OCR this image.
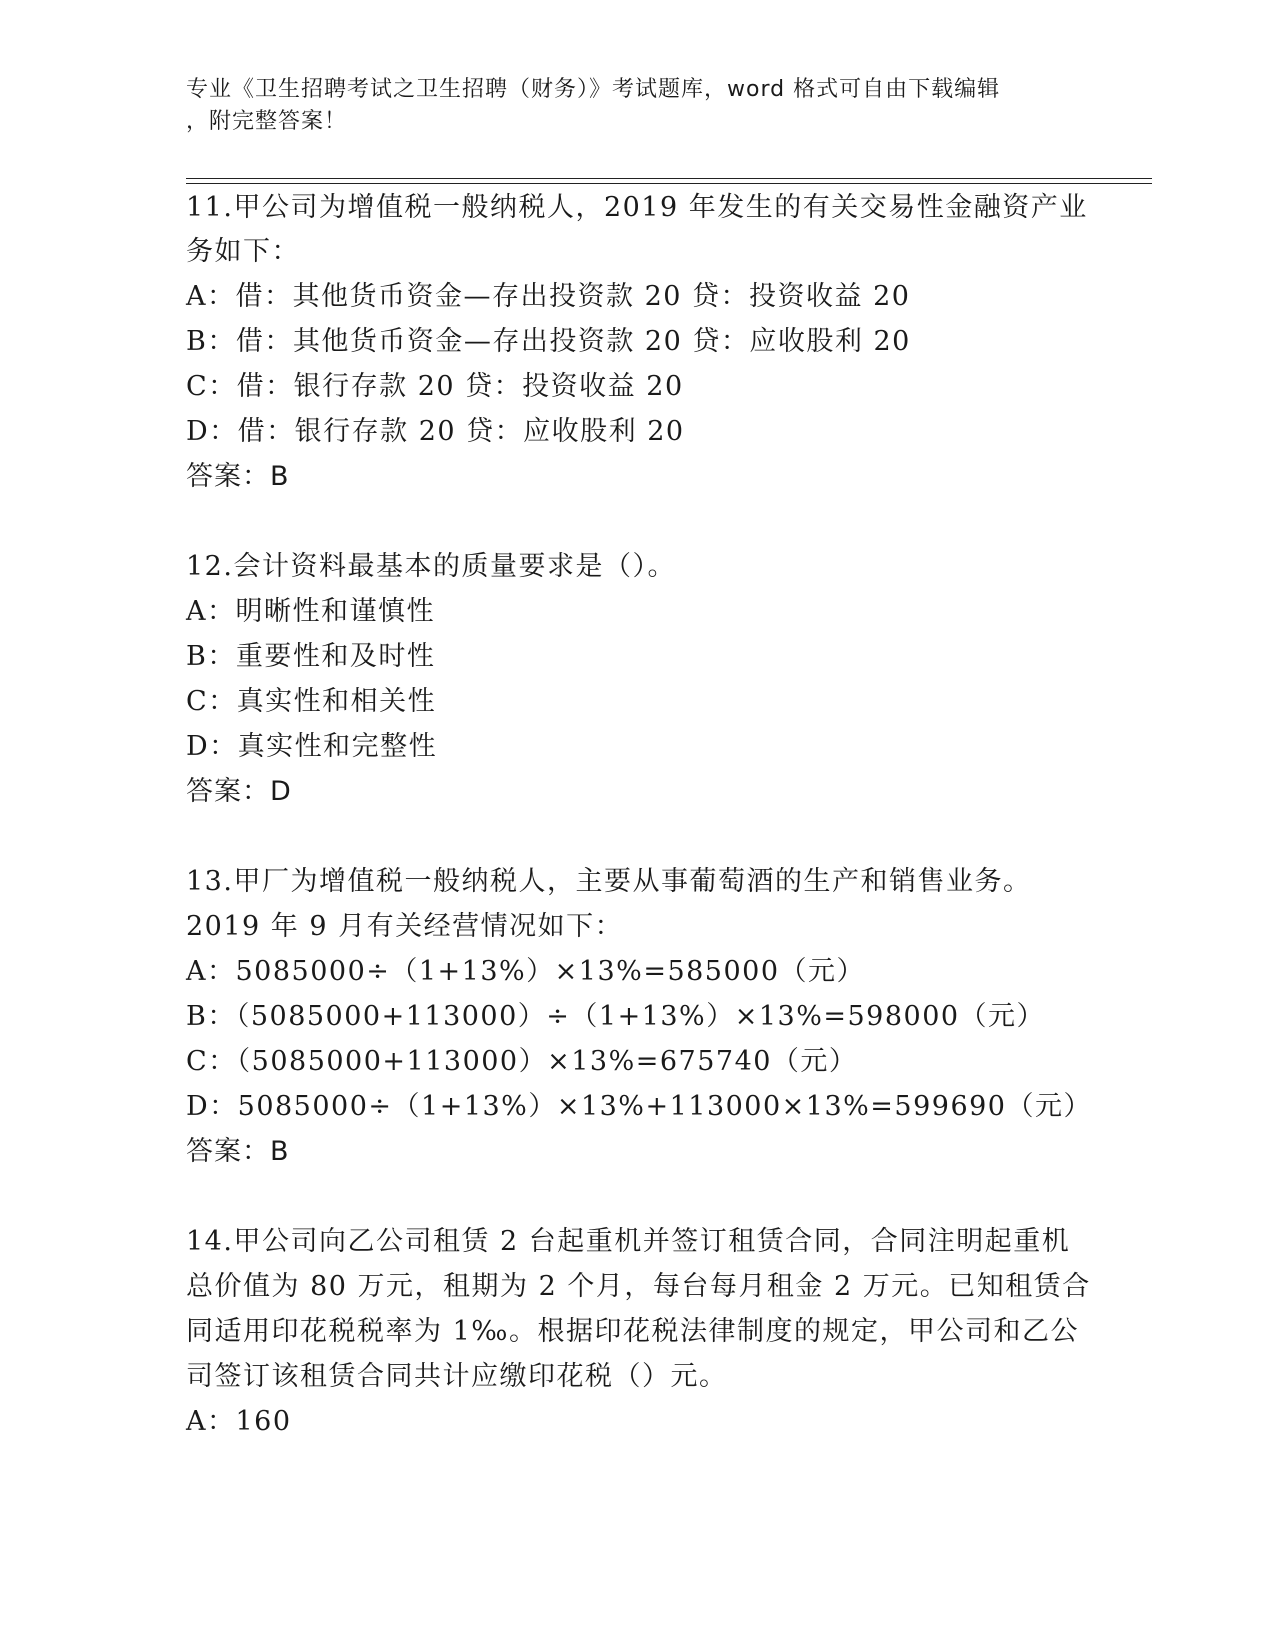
专业《卫生招聘考试之卫生招聘（财务）》考试题库，word 格式可自由下载编辑
，附完整答案！
11.甲公司为增值税一般纳税人，2019 年发生的有关交易性金融资产业
务如下：
A：借：其他货币资金—存出投资款 20 贷：投资收益 20
B：借：其他货币资金—存出投资款 20 贷：应收股利 20
C：借：银行存款 20 贷：投资收益 20
D：借：银行存款 20 贷：应收股利 20
答案：B
12.会计资料最基本的质量要求是（）。
A：明晰性和谨慎性
B：重要性和及时性
C：真实性和相关性
D：真实性和完整性
答案：D
13.甲厂为增值税一般纳税人，主要从事葡萄酒的生产和销售业务。
2019 年 9 月有关经营情况如下：
A：5085000÷（1+13%）×13%=585000（元）
B：（5085000+113000）÷（1+13%）×13%=598000（元）
C：（5085000+113000）×13%=675740（元）
D：5085000÷（1+13%）×13%+113000×13%=599690（元）
答案：B
14.甲公司向乙公司租赁 2 台起重机并签订租赁合同，合同注明起重机
总价值为 80 万元，租期为 2 个月，每台每月租金 2 万元。已知租赁合
同适用印花税税率为 1‰。根据印花税法律制度的规定，甲公司和乙公
司签订该租赁合同共计应缴印花税（）元。
A：160
